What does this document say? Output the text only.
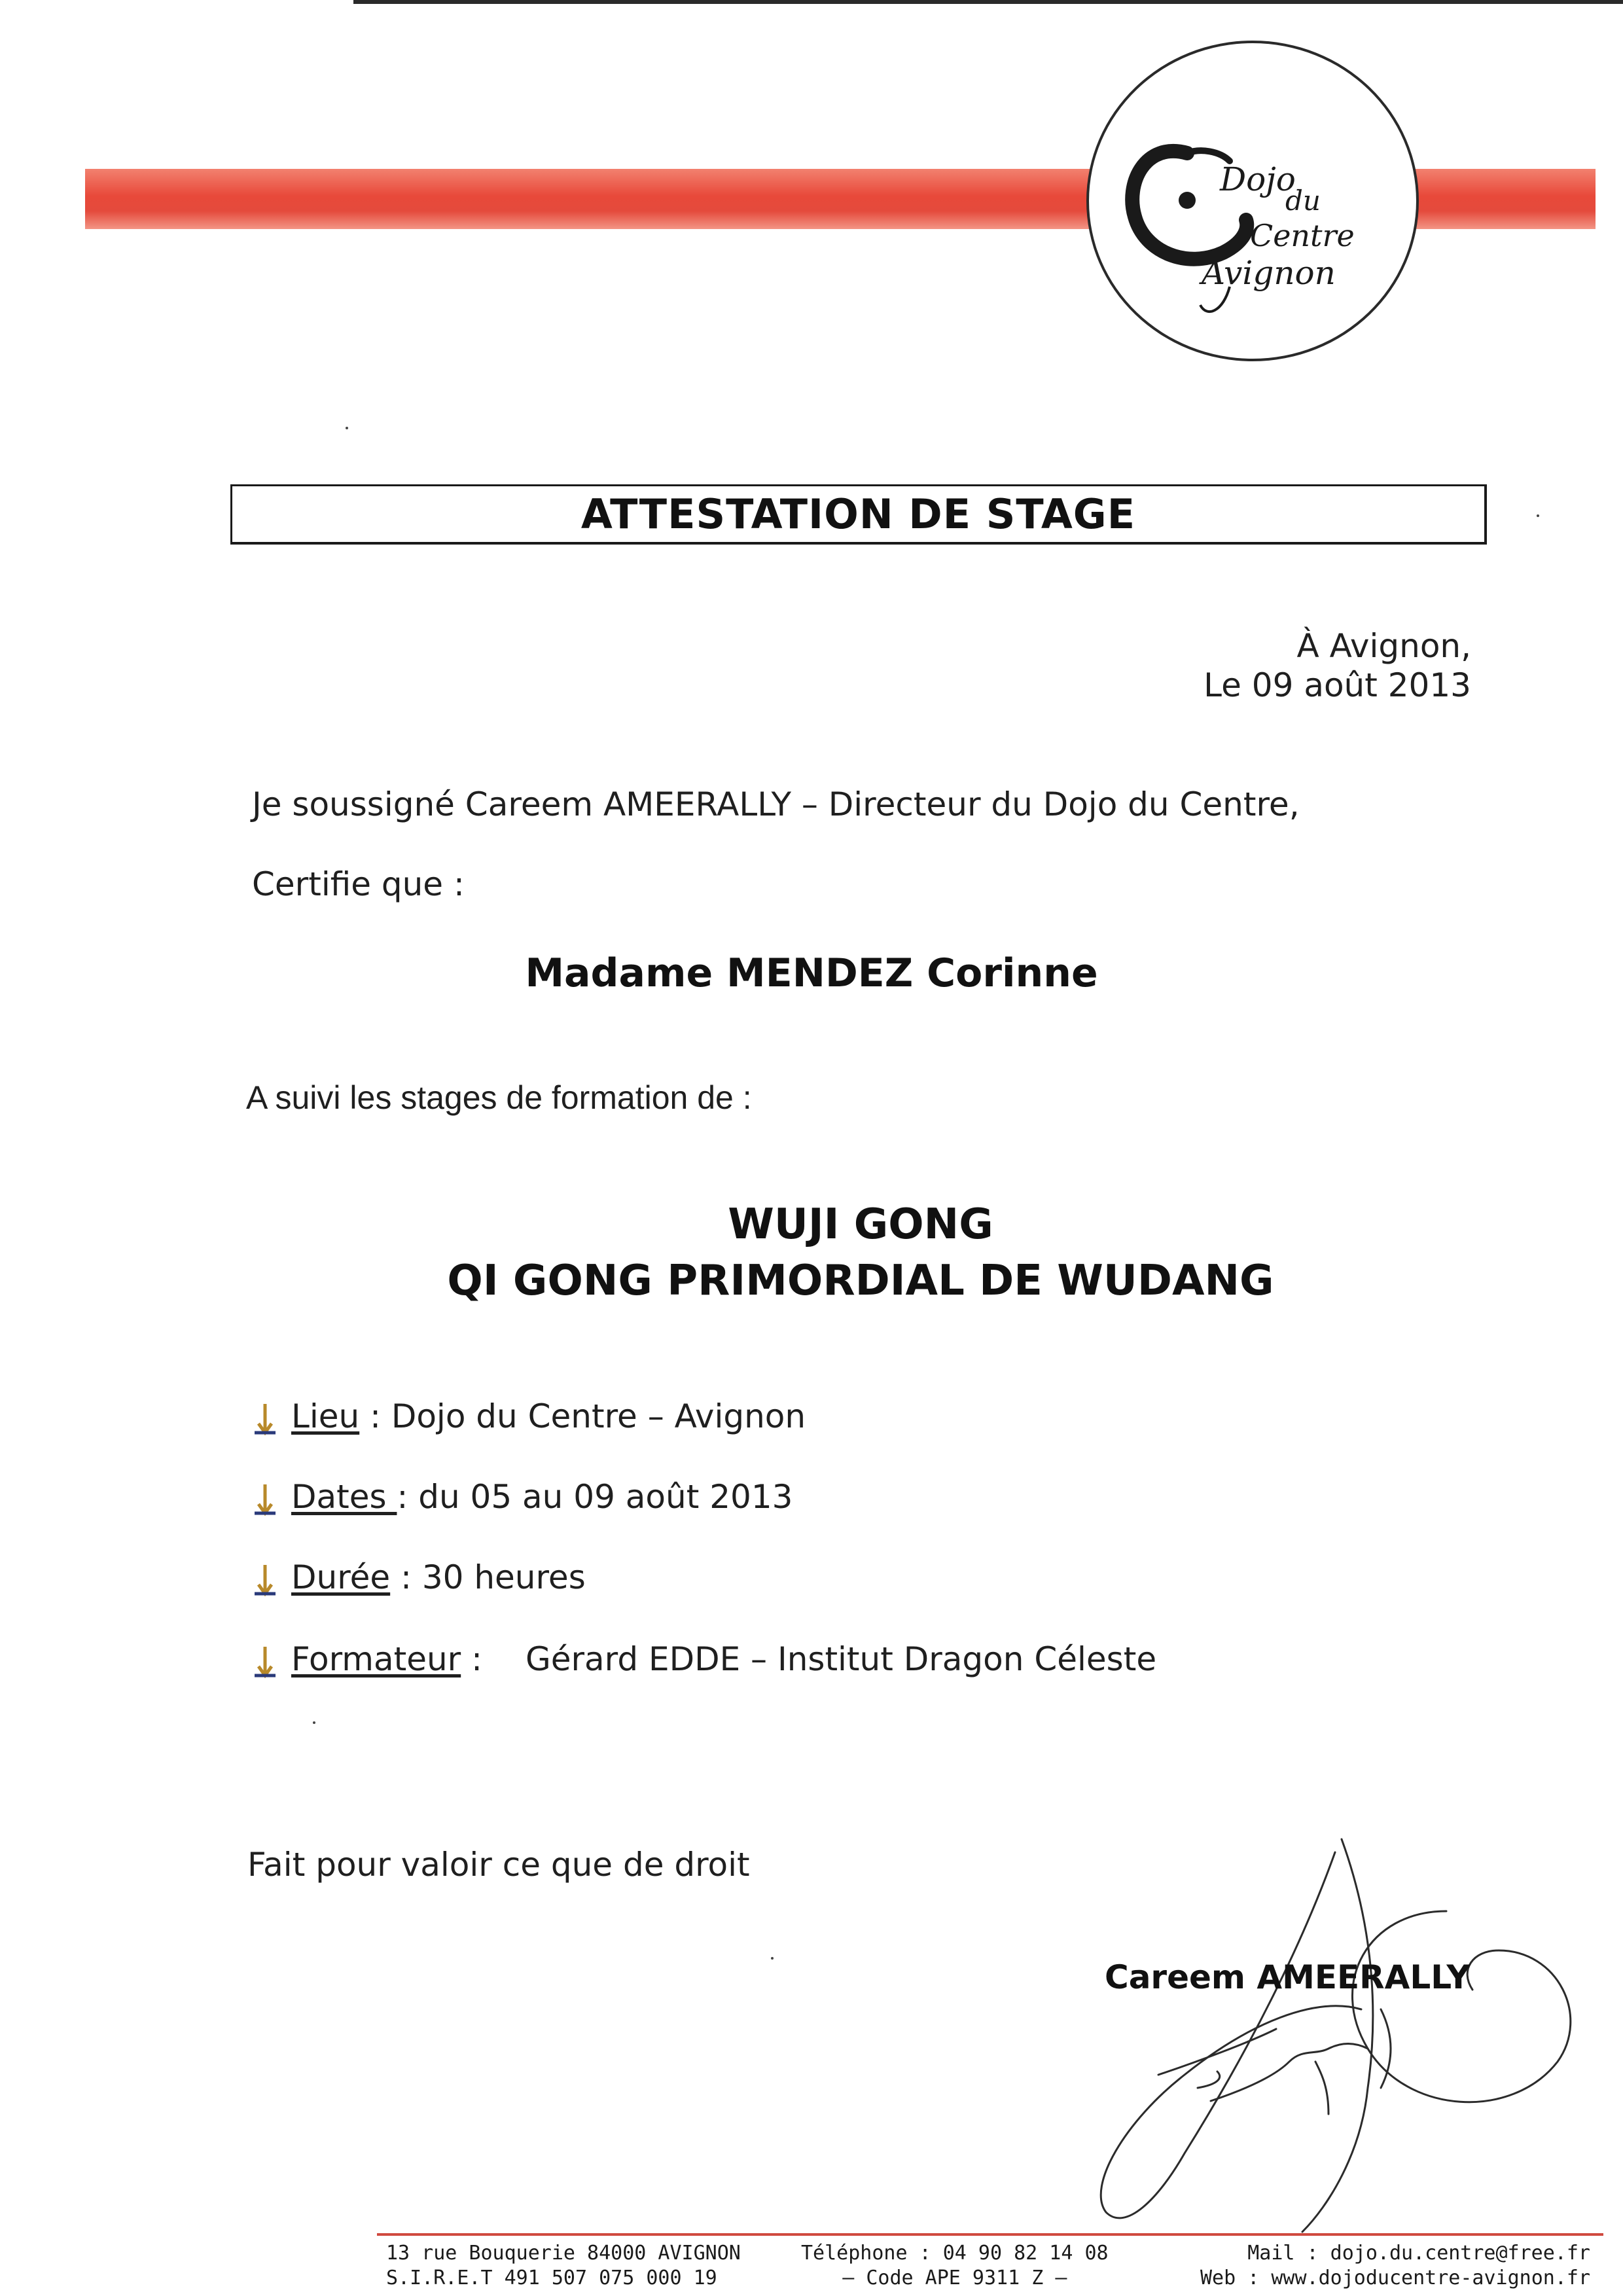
Dojo
du
Centre
Avignon
ATTESTATION DE STAGE
À Avignon,
Le 09 août 2013
Je soussigné Careem AMEERALLY – Directeur du Dojo du Centre,
Certifie que :
Madame MENDEZ Corinne
A suivi les stages de formation de :
WUJI GONG
QI GONG PRIMORDIAL DE WUDANG
Lieu : Dojo du Centre – Avignon
Dates : du 05 au 09 août 2013
Durée : 30 heures
Formateur : Gérard EDDE – Institut Dragon Céleste
Fait pour valoir ce que de droit
Careem AMEERALLY
13 rue Bouquerie 84000 AVIGNON
S.I.R.E.T 491 507 075 000 19
Téléphone : 04 90 82 14 08
– Code APE 9311 Z –
Mail : dojo.du.centre@free.fr
Web : www.dojoducentre-avignon.fr
